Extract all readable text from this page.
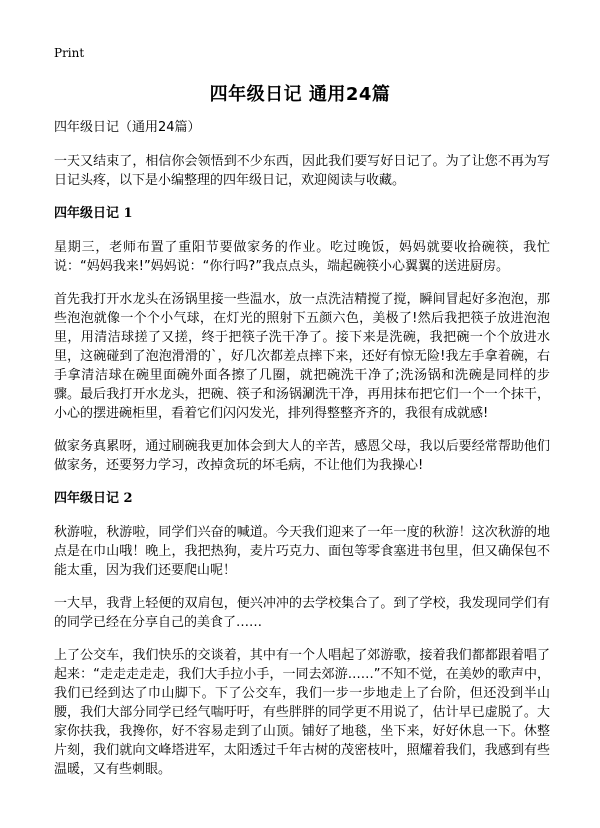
Print
四年级日记 通用24篇
四年级日记（通用24篇）

一天又结束了，相信你会领悟到不少东西，因此我们要写好日记了。为了让您不再为写日记头疼，以下是小编整理的四年级日记，欢迎阅读与收藏。

四年级日记 1

星期三，老师布置了重阳节要做家务的作业。吃过晚饭，妈妈就要收拾碗筷，我忙说：“妈妈我来!”妈妈说：“你行吗?”我点点头，端起碗筷小心翼翼的送进厨房。

首先我打开水龙头在汤锅里接一些温水，放一点洗洁精搅了搅，瞬间冒起好多泡泡，那些泡泡就像一个个小气球，在灯光的照射下五颜六色，美极了!然后我把筷子放进泡泡里，用清洁球搓了又搓，终于把筷子洗干净了。接下来是洗碗，我把碗一个个放进水里，这碗碰到了泡泡滑滑的`，好几次都差点摔下来，还好有惊无险!我左手拿着碗，右手拿清洁球在碗里面碗外面各擦了几圈，就把碗洗干净了;洗汤锅和洗碗是同样的步骤。最后我打开水龙头，把碗、筷子和汤锅涮洗干净，再用抹布把它们一个一个抹干，小心的摆进碗柜里，看着它们闪闪发光，排列得整整齐齐的，我很有成就感!

做家务真累呀，通过刷碗我更加体会到大人的辛苦，感恩父母，我以后要经常帮助他们做家务，还要努力学习，改掉贪玩的坏毛病，不让他们为我操心!

四年级日记 2

秋游啦，秋游啦，同学们兴奋的喊道。今天我们迎来了一年一度的秋游！这次秋游的地点是在巾山哦！晚上，我把热狗，麦片巧克力、面包等零食塞进书包里，但又确保包不能太重，因为我们还要爬山呢！

一大早，我背上轻便的双肩包，便兴冲冲的去学校集合了。到了学校，我发现同学们有的同学已经在分享自己的美食了……

上了公交车，我们快乐的交谈着，其中有一个人唱起了郊游歌，接着我们都都跟着唱了起来：“走走走走走，我们大手拉小手，一同去郊游……”不知不觉，在美妙的歌声中，我们已经到达了巾山脚下。下了公交车，我们一步一步地走上了台阶，但还没到半山腰，我们大部分同学已经气喘吁吁，有些胖胖的同学更不用说了，估计早已虚脱了。大家你扶我，我搀你，好不容易走到了山顶。铺好了地毯，坐下来，好好休息一下。休整片刻，我们就向文峰塔进军，太阳透过千年古树的茂密枝叶，照耀着我们，我感到有些温暖，又有些刺眼。
